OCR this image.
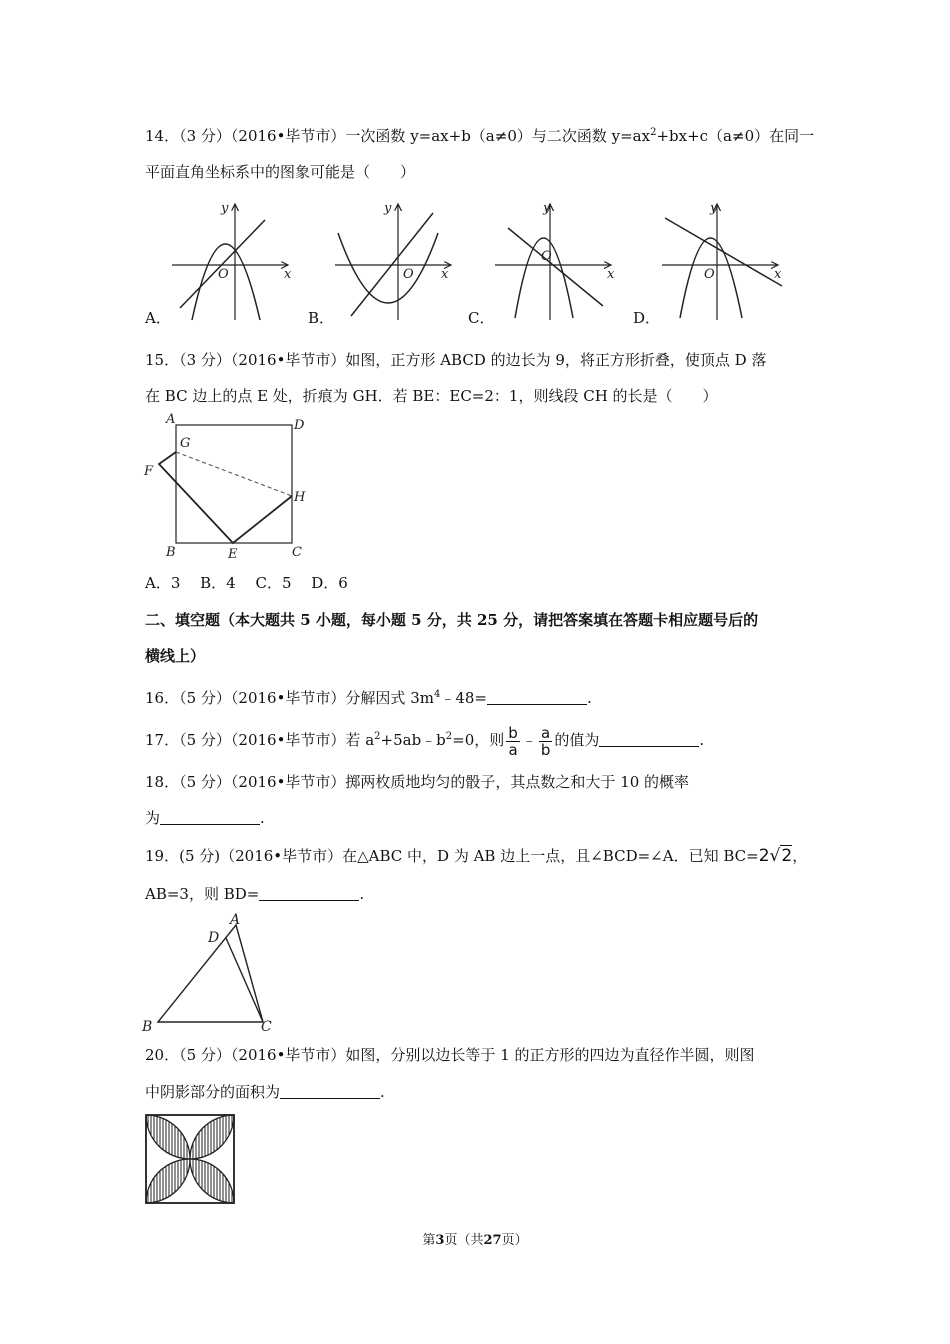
14．（3 分）（2016•毕节市）一次函数 y=ax+b（a≠0）与二次函数 $y=ax^2+bx+c(a\ne 0)$在同一
平面直角坐标系中的图象可能是（　　）
y
x
O
A．
y
x
O
B．
y
x
O
C．
y
x
O
D．
15．（3 分）（2016•毕节市）如图，正方形 ABCD 的边长为 9，将正方形折叠，使顶点 D 落
在 BC 边上的点 E 处，折痕为 GH．若 BE：EC=2：1，则线段 CH 的长是（　　）
A	D
G
F
H
B	E	C
A．3　 B．4　 C．5　 D．6
二、填空题（本大题共 5 小题，每小题 5 分，共 25 分，请把答案填在答题卡相应题号后的
横线上）
16．（5 分）（2016•毕节市）分解因式 $3m^4﹣48=$	.
17．（5 分）（2016•毕节市）若 $a^2+5ab﹣b^2=0$，则 $\frac{b}{a}$ ﹣ $\frac{a}{b}$ 的值为	.
18．（5 分）（2016•毕节市）掷两枚质地均匀的骰子，其点数之和大于 10 的概率
为	.
19．(5 分)（2016•毕节市）在△ABC 中，D 为 AB 边上一点，且∠BCD=∠A．已知 BC=2√2，
AB=3，则 BD=	.
A
D
B	C
20．（5 分）（2016•毕节市）如图，分别以边长等于 1 的正方形的四边为直径作半圆，则图
中阴影部分的面积为	.
第3页（共27页）
